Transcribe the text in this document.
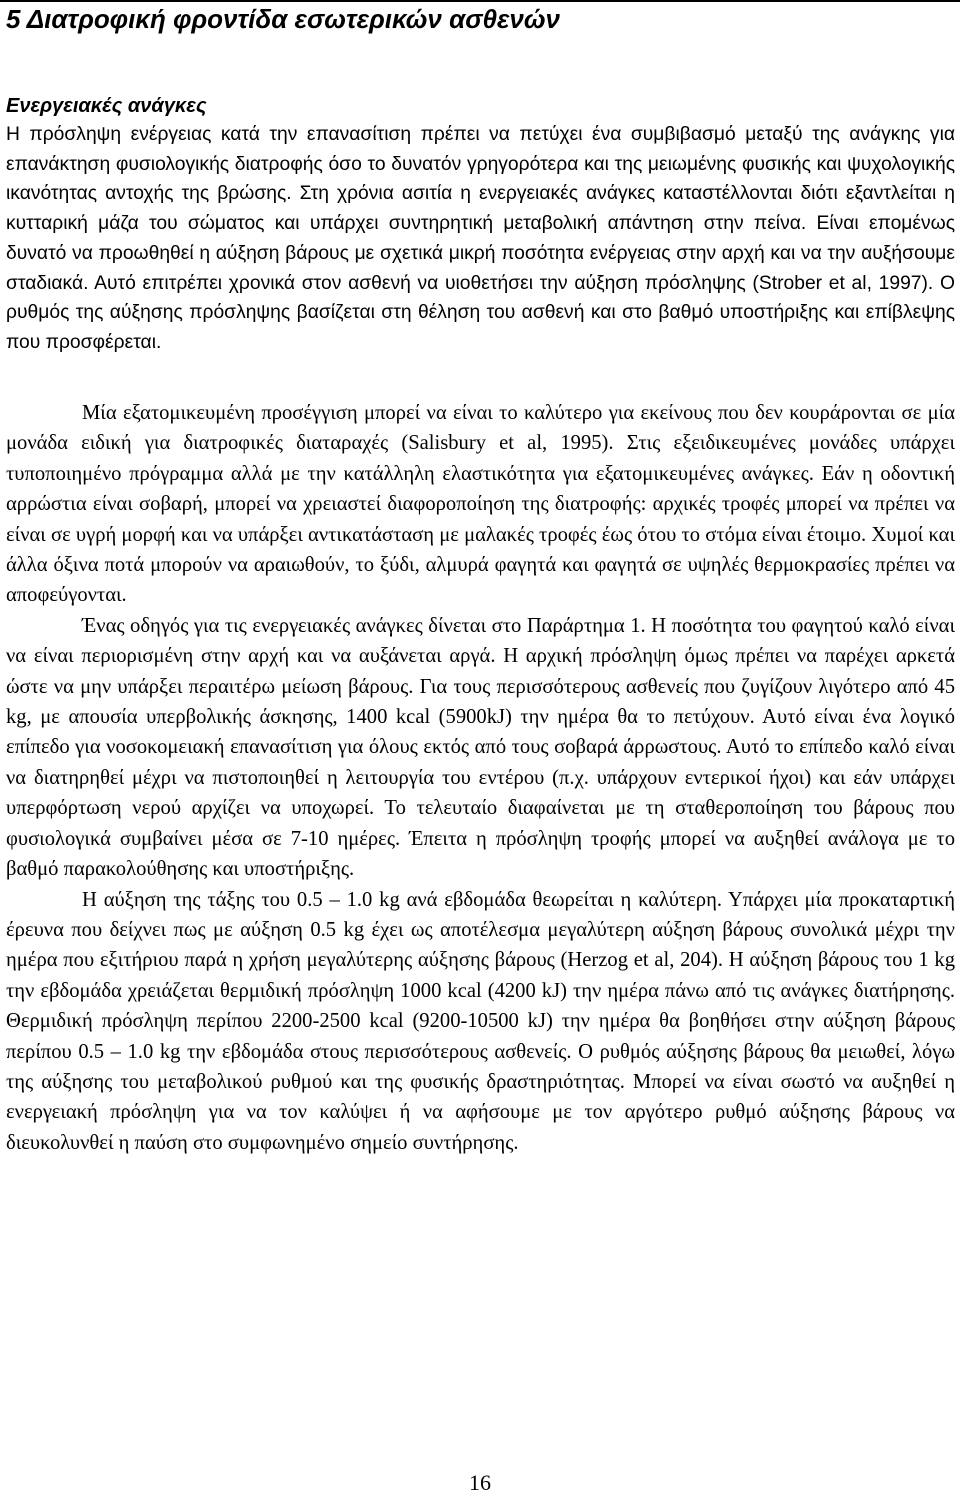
5 Διατροφική φροντίδα εσωτερικών ασθενών
Ενεργειακές ανάγκες

Η πρόσληψη ενέργειας κατά την επανασίτιση πρέπει να πετύχει ένα συμβιβασμό μεταξύ της ανάγκης για επανάκτηση φυσιολογικής διατροφής όσο το δυνατόν γρηγορότερα και της μειωμένης φυσικής και ψυχολογικής ικανότητας αντοχής της βρώσης. Στη χρόνια ασιτία η ενεργειακές ανάγκες καταστέλλονται διότι εξαντλείται η κυτταρική μάζα του σώματος και υπάρχει συντηρητική μεταβολική απάντηση στην πείνα. Είναι επομένως δυνατό να προωθηθεί η αύξηση βάρους με σχετικά μικρή ποσότητα ενέργειας στην αρχή και να την αυξήσουμε σταδιακά. Αυτό επιτρέπει χρονικά στον ασθενή να υιοθετήσει την αύξηση πρόσληψης (Strober et al, 1997). Ο ρυθμός της αύξησης πρόσληψης βασίζεται στη θέληση του ασθενή και στο βαθμό υποστήριξης και επίβλεψης που προσφέρεται.

Μία εξατομικευμένη προσέγγιση μπορεί να είναι το καλύτερο για εκείνους που δεν κουράρονται σε μία μονάδα ειδική για διατροφικές διαταραχές (Salisbury et al, 1995). Στις εξειδικευμένες μονάδες υπάρχει τυποποιημένο πρόγραμμα αλλά με την κατάλληλη ελαστικότητα για εξατομικευμένες ανάγκες. Εάν η οδοντική αρρώστια είναι σοβαρή, μπορεί να χρειαστεί διαφοροποίηση της διατροφής: αρχικές τροφές μπορεί να πρέπει να είναι σε υγρή μορφή και να υπάρξει αντικατάσταση με μαλακές τροφές έως ότου το στόμα είναι έτοιμο. Χυμοί και άλλα όξινα ποτά μπορούν να αραιωθούν, το ξύδι, αλμυρά φαγητά και φαγητά σε υψηλές θερμοκρασίες πρέπει να αποφεύγονται.

Ένας οδηγός για τις ενεργειακές ανάγκες δίνεται στο Παράρτημα 1. Η ποσότητα του φαγητού καλό είναι να είναι περιορισμένη στην αρχή και να αυξάνεται αργά. Η αρχική πρόσληψη όμως πρέπει να παρέχει αρκετά ώστε να μην υπάρξει περαιτέρω μείωση βάρους. Για τους περισσότερους ασθενείς που ζυγίζουν λιγότερο από 45 kg, με απουσία υπερβολικής άσκησης, 1400 kcal (5900kJ) την ημέρα θα το πετύχουν. Αυτό είναι ένα λογικό επίπεδο για νοσοκομειακή επανασίτιση για όλους εκτός από τους σοβαρά άρρωστους. Αυτό το επίπεδο καλό είναι να διατηρηθεί μέχρι να πιστοποιηθεί η λειτουργία του εντέρου (π.χ. υπάρχουν εντερικοί ήχοι) και εάν υπάρχει υπερφόρτωση νερού αρχίζει να υποχωρεί. Το τελευταίο διαφαίνεται με τη σταθεροποίηση του βάρους που φυσιολογικά συμβαίνει μέσα σε 7-10 ημέρες. Έπειτα η πρόσληψη τροφής μπορεί να αυξηθεί ανάλογα με το βαθμό παρακολούθησης και υποστήριξης.

Η αύξηση της τάξης του 0.5 – 1.0 kg ανά εβδομάδα θεωρείται η καλύτερη. Υπάρχει μία προκαταρτική έρευνα που δείχνει πως με αύξηση 0.5 kg έχει ως αποτέλεσμα μεγαλύτερη αύξηση βάρους συνολικά μέχρι την ημέρα που εξιτήριου παρά η χρήση μεγαλύτερης αύξησης βάρους (Herzog et al, 204). Η αύξηση βάρους του 1 kg την εβδομάδα χρειάζεται θερμιδική πρόσληψη 1000 kcal (4200 kJ) την ημέρα πάνω από τις ανάγκες διατήρησης. Θερμιδική πρόσληψη περίπου 2200-2500 kcal (9200-10500 kJ) την ημέρα θα βοηθήσει στην αύξηση βάρους περίπου 0.5 – 1.0 kg την εβδομάδα στους περισσότερους ασθενείς. Ο ρυθμός αύξησης βάρους θα μειωθεί, λόγω της αύξησης του μεταβολικού ρυθμού και της φυσικής δραστηριότητας. Μπορεί να είναι σωστό να αυξηθεί η ενεργειακή πρόσληψη για να τον καλύψει ή να αφήσουμε με τον αργότερο ρυθμό αύξησης βάρους να διευκολυνθεί η παύση στο συμφωνημένο σημείο συντήρησης.

16
